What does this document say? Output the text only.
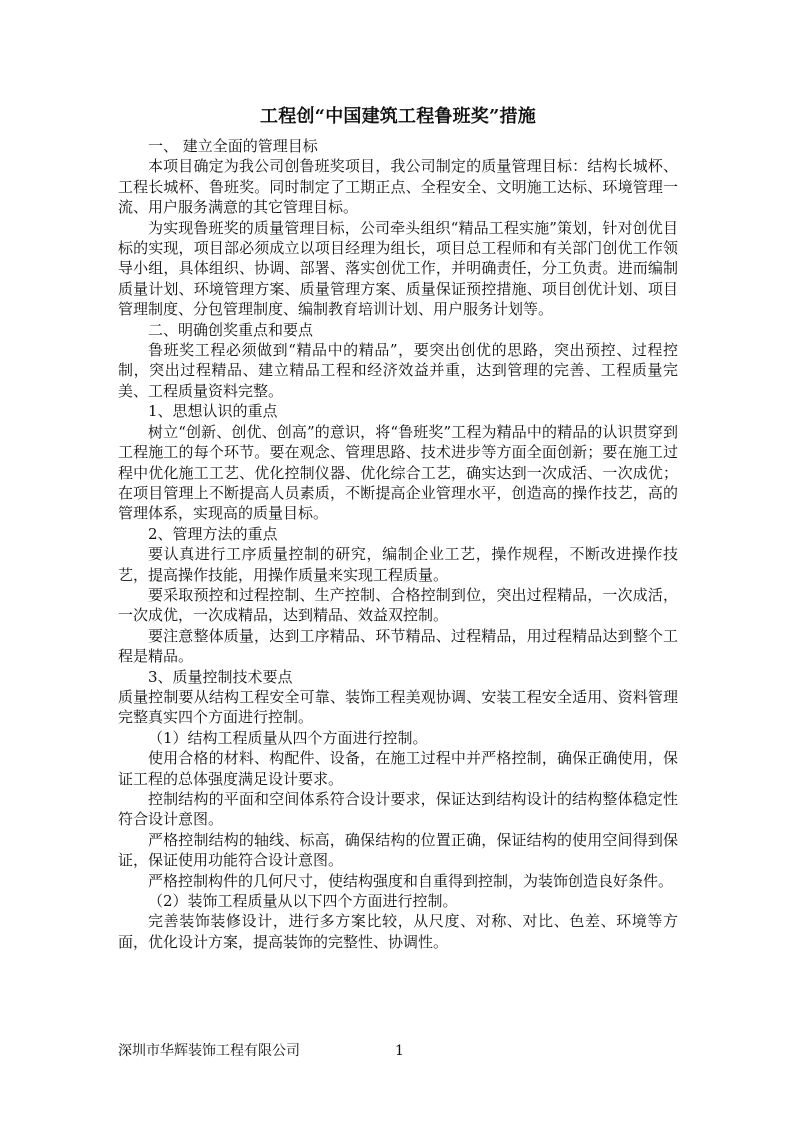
工程创“中国建筑工程鲁班奖”措施

一、 建立全面的管理目标

本项目确定为我公司创鲁班奖项目，我公司制定的质量管理目标：结构长城杯、工程长城杯、鲁班奖。同时制定了工期正点、全程安全、文明施工达标、环境管理一流、用户服务满意的其它管理目标。

为实现鲁班奖的质量管理目标，公司牵头组织“精品工程实施”策划，针对创优目标的实现，项目部必须成立以项目经理为组长，项目总工程师和有关部门创优工作领导小组，具体组织、协调、部署、落实创优工作，并明确责任，分工负责。进而编制质量计划、环境管理方案、质量管理方案、质量保证预控措施、项目创优计划、项目管理制度、分包管理制度、编制教育培训计划、用户服务计划等。

二、明确创奖重点和要点

鲁班奖工程必须做到“精品中的精品”，要突出创优的思路，突出预控、过程控制，突出过程精品、建立精品工程和经济效益并重，达到管理的完善、工程质量完美、工程质量资料完整。

1、思想认识的重点

树立“创新、创优、创高”的意识，将“鲁班奖”工程为精品中的精品的认识贯穿到工程施工的每个环节。要在观念、管理思路、技术进步等方面全面创新；要在施工过程中优化施工工艺、优化控制仪器、优化综合工艺，确实达到一次成活、一次成优；在项目管理上不断提高人员素质，不断提高企业管理水平，创造高的操作技艺，高的管理体系，实现高的质量目标。

2、管理方法的重点

要认真进行工序质量控制的研究，编制企业工艺，操作规程，不断改进操作技艺，提高操作技能，用操作质量来实现工程质量。

要采取预控和过程控制、生产控制、合格控制到位，突出过程精品，一次成活，一次成优，一次成精品，达到精品、效益双控制。

要注意整体质量，达到工序精品、环节精品、过程精品，用过程精品达到整个工程是精品。

3、质量控制技术要点

质量控制要从结构工程安全可靠、装饰工程美观协调、安装工程安全适用、资料管理完整真实四个方面进行控制。

（1）结构工程质量从四个方面进行控制。

使用合格的材料、构配件、设备，在施工过程中并严格控制，确保正确使用，保证工程的总体强度满足设计要求。

控制结构的平面和空间体系符合设计要求，保证达到结构设计的结构整体稳定性符合设计意图。

严格控制结构的轴线、标高，确保结构的位置正确，保证结构的使用空间得到保证，保证使用功能符合设计意图。

严格控制构件的几何尺寸，使结构强度和自重得到控制，为装饰创造良好条件。

（2）装饰工程质量从以下四个方面进行控制。

完善装饰装修设计，进行多方案比较，从尺度、对称、对比、色差、环境等方面，优化设计方案，提高装饰的完整性、协调性。

深圳市华辉装饰工程有限公司	1
